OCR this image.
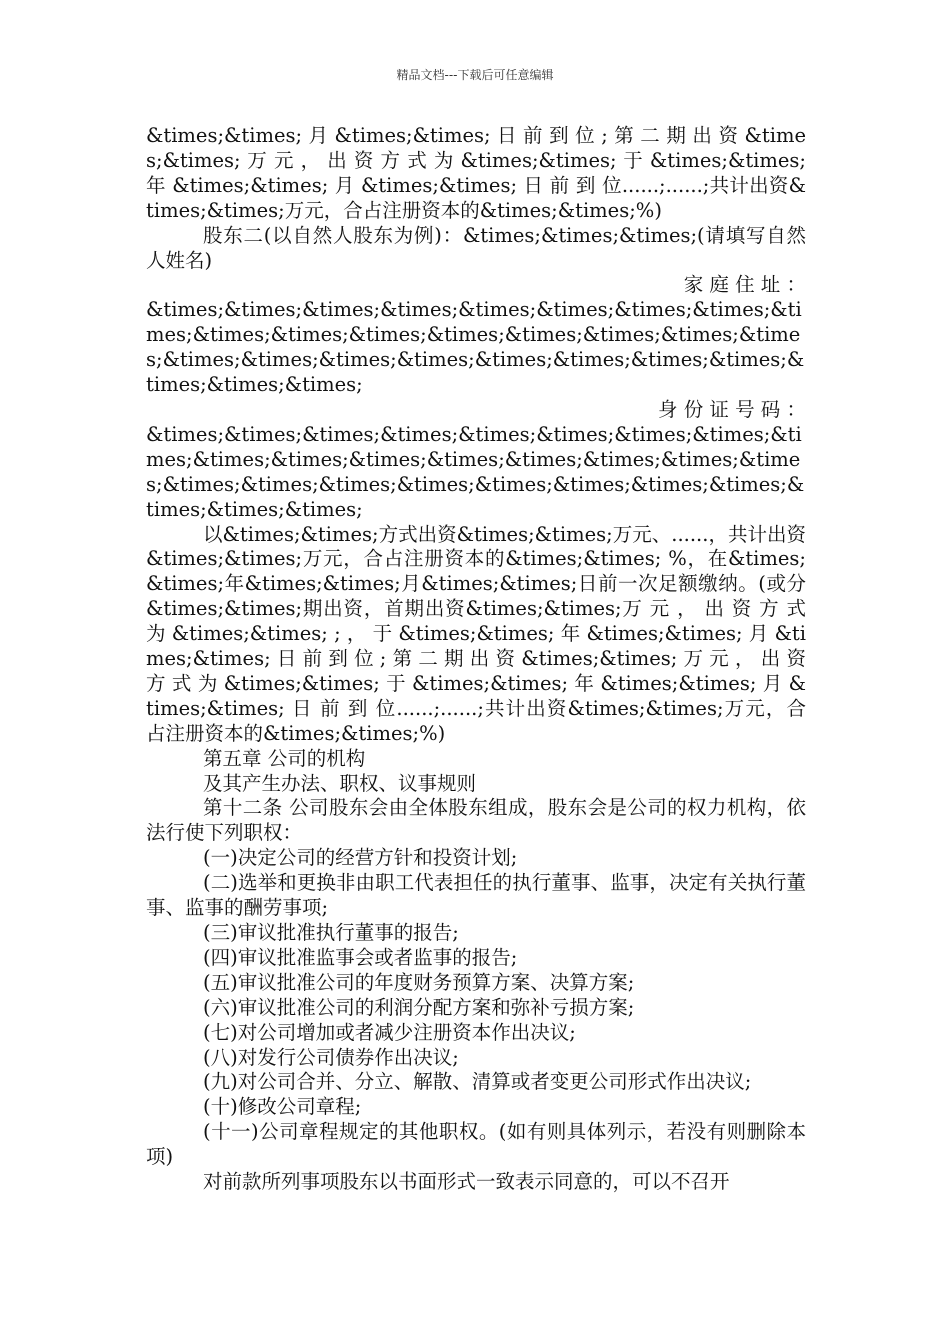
精品文档---下载后可任意编辑

&times;&times; 月 &times;&times; 日 前 到 位 ; 第 二 期 出 资 &times;&times; 万 元 ， 出 资 方 式 为 &times;&times; 于 &times;&times; 年 &times;&times; 月 &times;&times; 日 前 到 位......;......;共计出资&times;&times;万元，合占注册资本的&times;&times;%)

股东二(以自然人股东为例)：&times;&times;&times;(请填写自然人姓名)

家 庭 住 址 ：

&times;&times;&times;&times;&times;&times;&times;&times;&times;&times;&times;&times;&times;&times;&times;&times;&times;&times;&times;&times;&times;&times;&times;&times;&times;&times;&times;&times;

身 份 证 号 码 ：

&times;&times;&times;&times;&times;&times;&times;&times;&times;&times;&times;&times;&times;&times;&times;&times;&times;&times;&times;&times;&times;&times;&times;&times;&times;&times;&times;&times;

以&times;&times;方式出资&times;&times;万元、......，共计出资&times;&times;万元，合占注册资本的&times;&times; %，在&times;&times;年&times;&times;月&times;&times;日前一次足额缴纳。(或分&times;&times;期出资，首期出资&times;&times;万 元 ， 出 资 方 式 为 &times;&times; ; ， 于 &times;&times; 年 &times;&times; 月 &times;&times; 日 前 到 位 ; 第 二 期 出 资 &times;&times; 万 元 ， 出 资 方 式 为 &times;&times; 于 &times;&times; 年 &times;&times; 月 &times;&times; 日 前 到 位......;......;共计出资&times;&times;万元，合占注册资本的&times;&times;%)

第五章 公司的机构

及其产生办法、职权、议事规则

第十二条 公司股东会由全体股东组成，股东会是公司的权力机构，依法行使下列职权：

(一)决定公司的经营方针和投资计划;

(二)选举和更换非由职工代表担任的执行董事、监事，决定有关执行董事、监事的酬劳事项;

(三)审议批准执行董事的报告;

(四)审议批准监事会或者监事的报告;

(五)审议批准公司的年度财务预算方案、决算方案;

(六)审议批准公司的利润分配方案和弥补亏损方案;

(七)对公司增加或者减少注册资本作出决议;

(八)对发行公司债券作出决议;

(九)对公司合并、分立、解散、清算或者变更公司形式作出决议;

(十)修改公司章程;

(十一)公司章程规定的其他职权。(如有则具体列示，若没有则删除本项)

对前款所列事项股东以书面形式一致表示同意的，可以不召开
